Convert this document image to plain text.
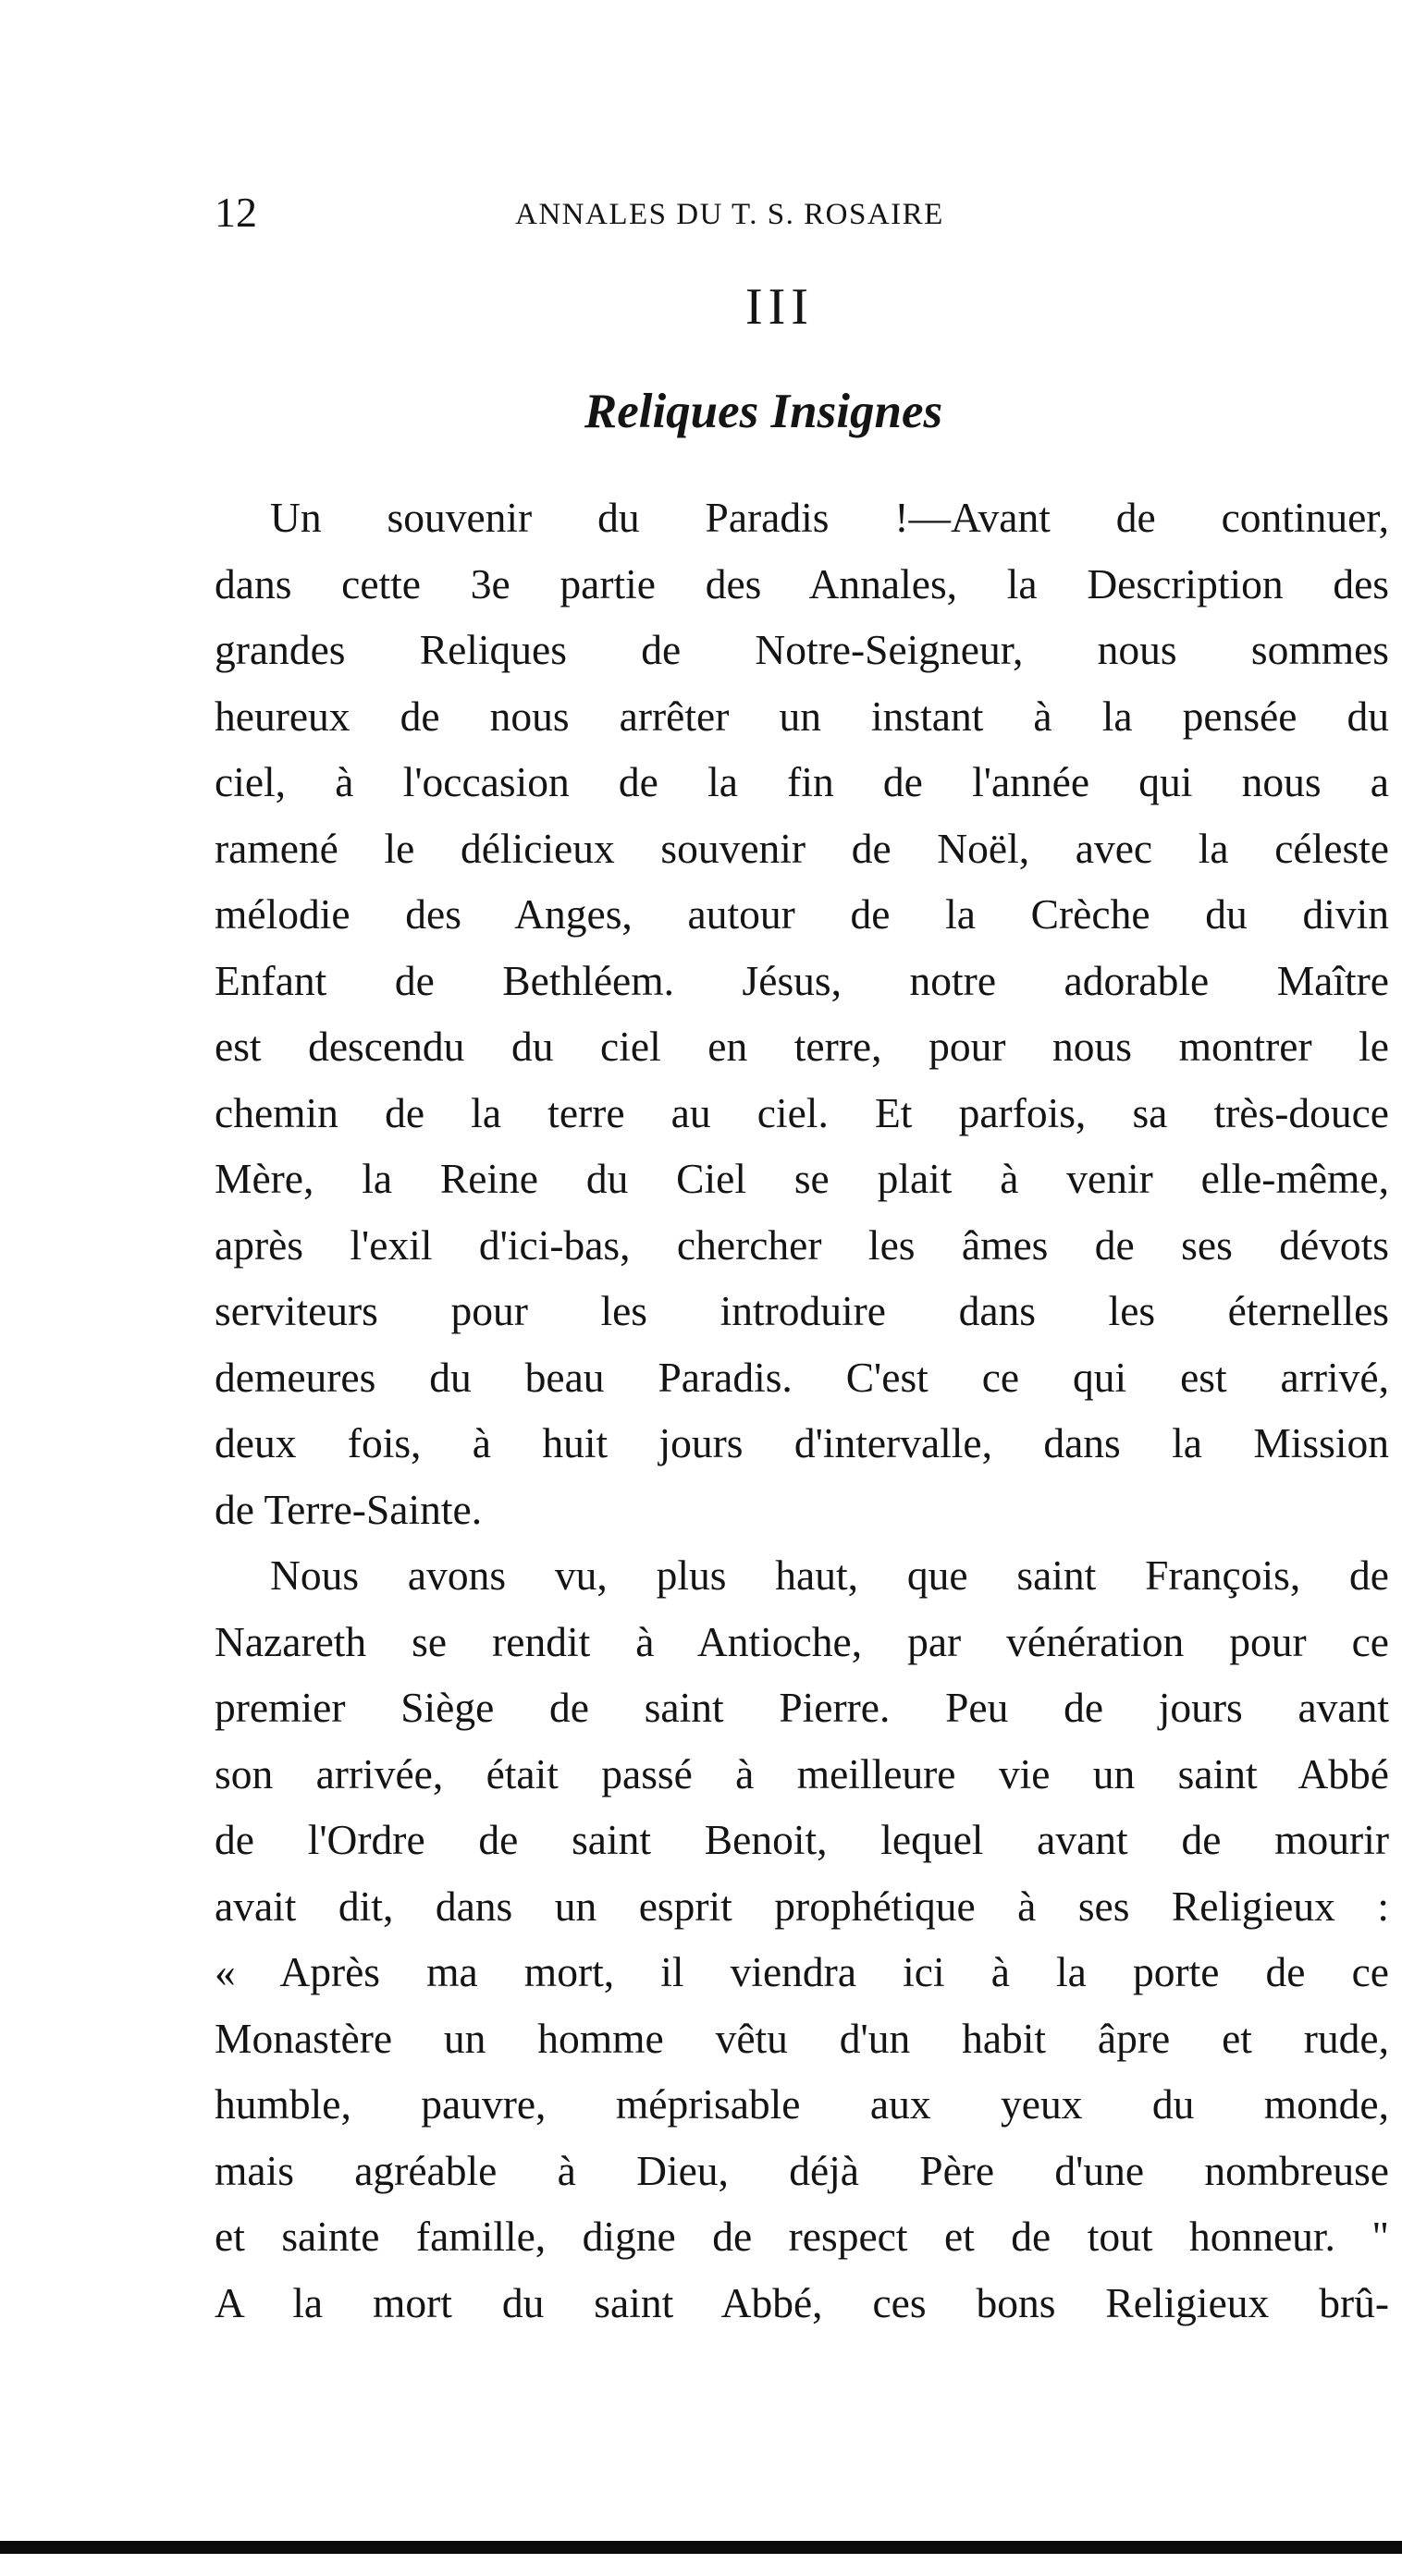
12	ANNALES DU T. S. ROSAIRE
III
Reliques Insignes
Un souvenir du Paradis !—Avant de continuer,
dans cette 3e partie des Annales, la Description des
grandes Reliques de Notre-Seigneur, nous sommes
heureux de nous arrêter un instant à la pensée du
ciel, à l'occasion de la fin de l'année qui nous a
ramené le délicieux souvenir de Noël, avec la céleste
mélodie des Anges, autour de la Crèche du divin
Enfant de Bethléem. Jésus, notre adorable Maître
est descendu du ciel en terre, pour nous montrer le
chemin de la terre au ciel. Et parfois, sa très-douce
Mère, la Reine du Ciel se plait à venir elle-même,
après l'exil d'ici-bas, chercher les âmes de ses dévots
serviteurs pour les introduire dans les éternelles
demeures du beau Paradis. C'est ce qui est arrivé,
deux fois, à huit jours d'intervalle, dans la Mission
de Terre-Sainte.
Nous avons vu, plus haut, que saint François, de
Nazareth se rendit à Antioche, par vénération pour ce
premier Siège de saint Pierre. Peu de jours avant
son arrivée, était passé à meilleure vie un saint Abbé
de l'Ordre de saint Benoit, lequel avant de mourir
avait dit, dans un esprit prophétique à ses Religieux :
« Après ma mort, il viendra ici à la porte de ce
Monastère un homme vêtu d'un habit âpre et rude,
humble, pauvre, méprisable aux yeux du monde,
mais agréable à Dieu, déjà Père d'une nombreuse
et sainte famille, digne de respect et de tout honneur. "
A la mort du saint Abbé, ces bons Religieux brû-
